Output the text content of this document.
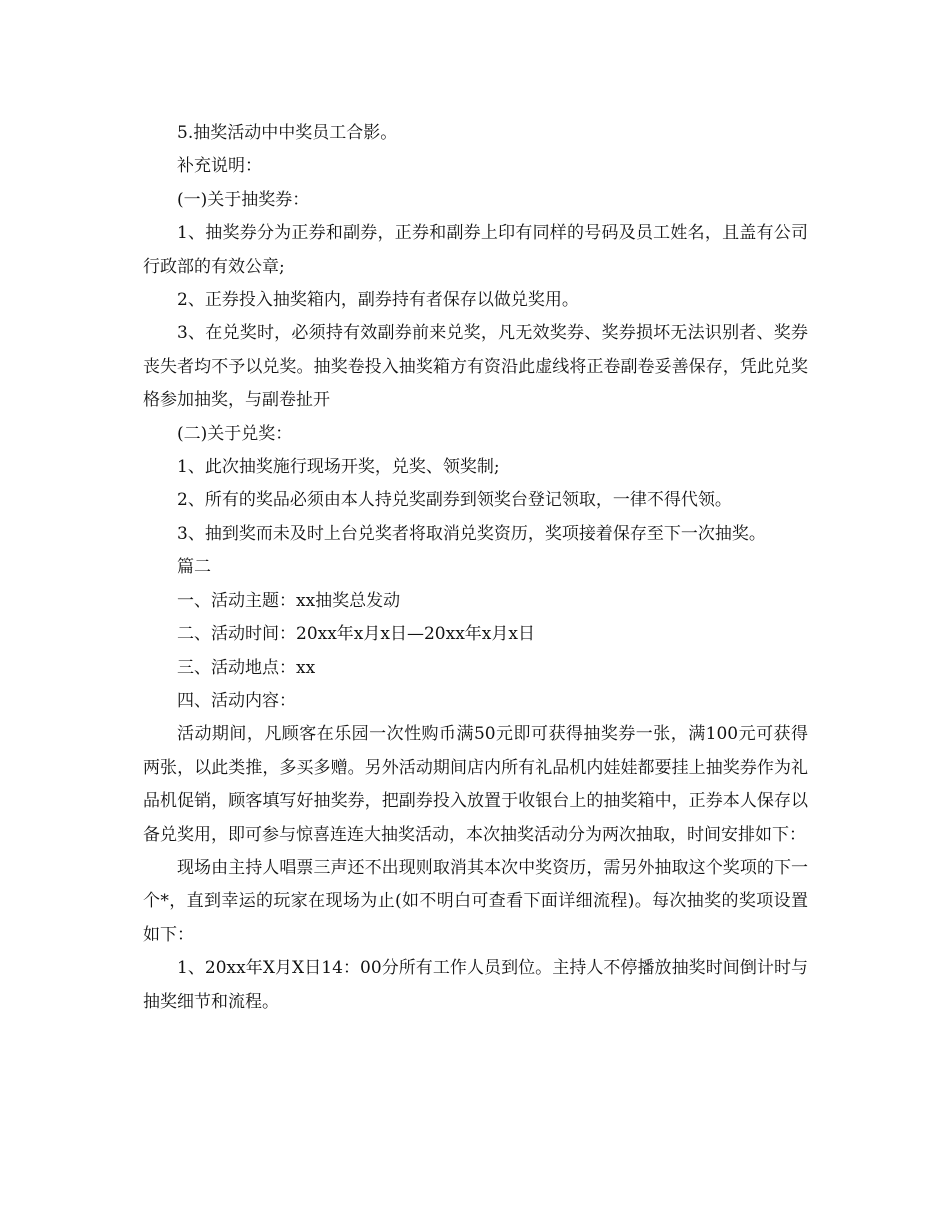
5.抽奖活动中中奖员工合影。

补充说明：

(一)关于抽奖券：

1、抽奖券分为正券和副券，正券和副券上印有同样的号码及员工姓名，且盖有公司行政部的有效公章;

2、正券投入抽奖箱内，副券持有者保存以做兑奖用。

3、在兑奖时，必须持有效副券前来兑奖，凡无效奖券、奖券损坏无法识别者、奖券丧失者均不予以兑奖。抽奖卷投入抽奖箱方有资沿此虚线将正卷副卷妥善保存，凭此兑奖格参加抽奖，与副卷扯开

(二)关于兑奖：

1、此次抽奖施行现场开奖，兑奖、领奖制;

2、所有的奖品必须由本人持兑奖副券到领奖台登记领取，一律不得代领。

3、抽到奖而未及时上台兑奖者将取消兑奖资历，奖项接着保存至下一次抽奖。

篇二

一、活动主题：xx抽奖总发动

二、活动时间：20xx年x月x日—20xx年x月x日

三、活动地点：xx

四、活动内容：

活动期间，凡顾客在乐园一次性购币满50元即可获得抽奖券一张，满100元可获得两张，以此类推，多买多赠。另外活动期间店内所有礼品机内娃娃都要挂上抽奖券作为礼品机促销，顾客填写好抽奖券，把副券投入放置于收银台上的抽奖箱中，正券本人保存以备兑奖用，即可参与惊喜连连大抽奖活动，本次抽奖活动分为两次抽取，时间安排如下：

现场由主持人唱票三声还不出现则取消其本次中奖资历，需另外抽取这个奖项的下一个*，直到幸运的玩家在现场为止(如不明白可查看下面详细流程)。每次抽奖的奖项设置如下：

1、20xx年X月X日14：00分所有工作人员到位。主持人不停播放抽奖时间倒计时与抽奖细节和流程。
